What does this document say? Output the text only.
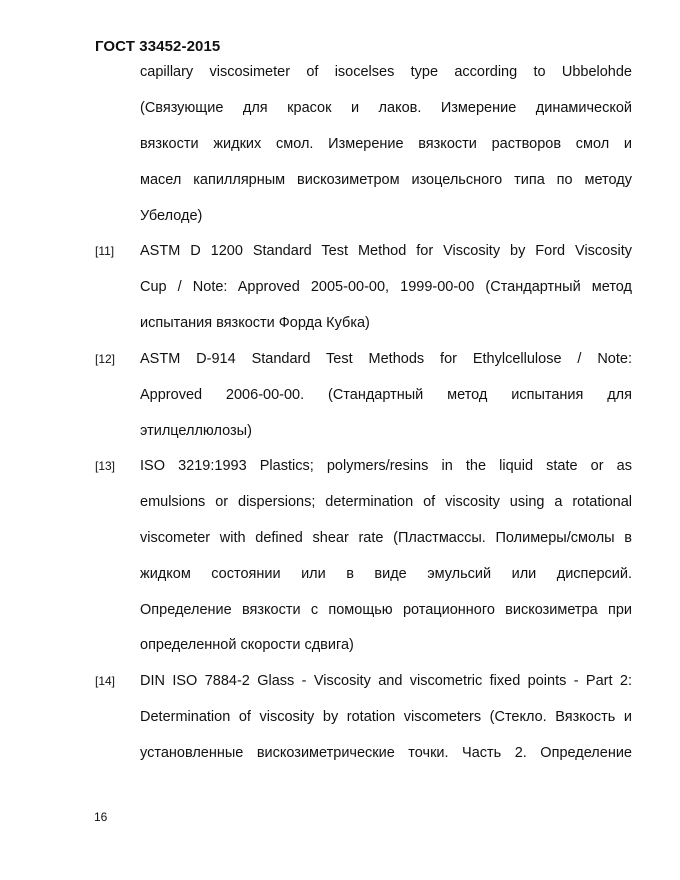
ГОСТ 33452-2015
capillary viscosimeter of isocelses type according to Ubbelohde
(Связующие для красок и лаков. Измерение динамической
вязкости жидких смол. Измерение вязкости растворов смол и
масел капиллярным вискозиметром изоцельсного типа по методу
Убелоде)
[11] ASTM D 1200 Standard Test Method for Viscosity by Ford Viscosity
Cup / Note: Approved 2005-00-00, 1999-00-00 (Стандартный метод
испытания вязкости Форда Кубка)
[12] ASTM D-914 Standard Test Methods for Ethylcellulose / Note:
Approved 2006-00-00. (Стандартный метод испытания для
этилцеллюлозы)
[13] ISO 3219:1993 Plastics; polymers/resins in the liquid state or as
emulsions or dispersions; determination of viscosity using a rotational
viscometer with defined shear rate (Пластмассы. Полимеры/смолы в
жидком состоянии или в виде эмульсий или дисперсий.
Определение вязкости с помощью ротационного вискозиметра при
определенной скорости сдвига)
[14] DIN ISO 7884-2 Glass - Viscosity and viscometric fixed points - Part 2:
Determination of viscosity by rotation viscometers (Стекло. Вязкость и
установленные вискозиметрические точки. Часть 2. Определение
16
